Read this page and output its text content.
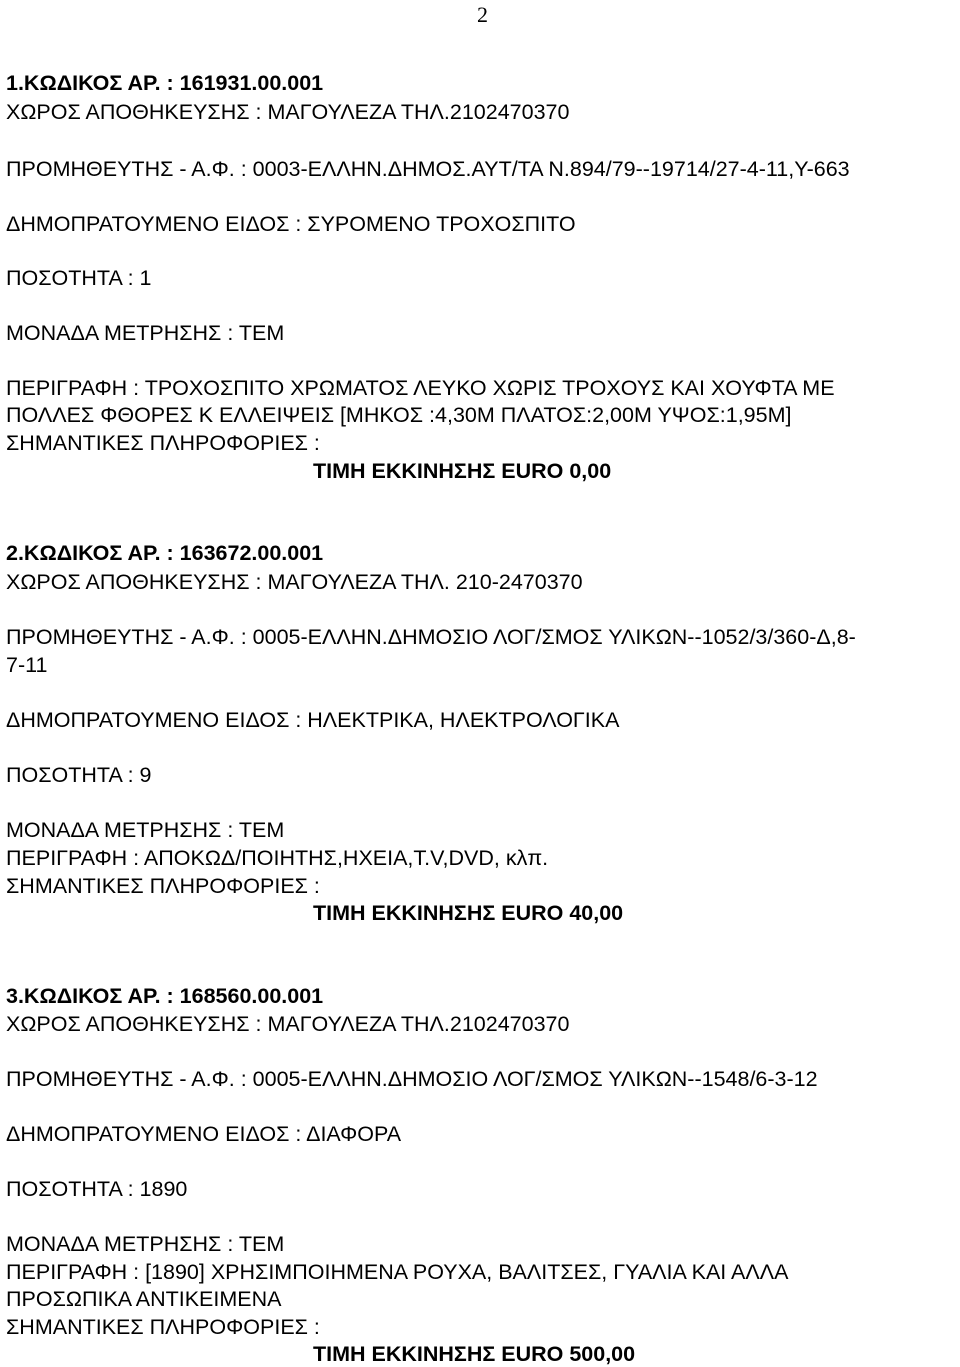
2
1.ΚΩΔΙΚΟΣ ΑΡ. : 161931.00.001
ΧΩΡΟΣ ΑΠΟΘΗΚΕΥΣΗΣ : ΜΑΓΟΥΛΕΖΑ ΤΗΛ.2102470370
ΠΡΟΜΗΘΕΥΤΗΣ - Α.Φ. : 0003-ΕΛΛΗΝ.ΔΗΜΟΣ.ΑΥΤ/ΤΑ Ν.894/79--19714/27-4-11,Υ-663
ΔΗΜΟΠΡΑΤΟΥΜΕΝΟ ΕΙΔΟΣ : ΣΥΡΟΜΕΝΟ ΤΡΟΧΟΣΠΙΤΟ
ΠΟΣΟΤΗΤΑ : 1
ΜΟΝΑΔΑ ΜΕΤΡΗΣΗΣ : ΤΕΜ
ΠΕΡΙΓΡΑΦΗ : ΤΡΟΧΟΣΠΙΤΟ ΧΡΩΜΑΤΟΣ ΛΕΥΚΟ ΧΩΡΙΣ ΤΡΟΧΟΥΣ ΚΑΙ ΧΟΥΦΤΑ ΜΕ
ΠΟΛΛΕΣ ΦΘΟΡΕΣ Κ ΕΛΛΕΙΨΕΙΣ [ΜΗΚΟΣ :4,30Μ ΠΛΑΤΟΣ:2,00Μ ΥΨΟΣ:1,95Μ]
ΣΗΜΑΝΤΙΚΕΣ ΠΛΗΡΟΦΟΡΙΕΣ :
ΤΙΜΗ ΕΚΚΙΝΗΣΗΣ EURO 0,00
2.ΚΩΔΙΚΟΣ ΑΡ. : 163672.00.001
ΧΩΡΟΣ ΑΠΟΘΗΚΕΥΣΗΣ : ΜΑΓΟΥΛΕΖΑ ΤΗΛ. 210-2470370
ΠΡΟΜΗΘΕΥΤΗΣ - Α.Φ. : 0005-ΕΛΛΗΝ.ΔΗΜΟΣΙΟ ΛΟΓ/ΣΜΟΣ ΥΛΙΚΩΝ--1052/3/360-Δ,8-
7-11
ΔΗΜΟΠΡΑΤΟΥΜΕΝΟ ΕΙΔΟΣ : ΗΛΕΚΤΡΙΚΑ, ΗΛΕΚΤΡΟΛΟΓΙΚΑ
ΠΟΣΟΤΗΤΑ : 9
ΜΟΝΑΔΑ ΜΕΤΡΗΣΗΣ : ΤΕΜ
ΠΕΡΙΓΡΑΦΗ : ΑΠΟΚΩΔ/ΠΟΙΗΤΗΣ,ΗΧΕΙΑ,Τ.V,DVD, κλπ.
ΣΗΜΑΝΤΙΚΕΣ ΠΛΗΡΟΦΟΡΙΕΣ :
ΤΙΜΗ ΕΚΚΙΝΗΣΗΣ EURO 40,00
3.ΚΩΔΙΚΟΣ ΑΡ. : 168560.00.001
ΧΩΡΟΣ ΑΠΟΘΗΚΕΥΣΗΣ : ΜΑΓΟΥΛΕΖΑ ΤΗΛ.2102470370
ΠΡΟΜΗΘΕΥΤΗΣ - Α.Φ. : 0005-ΕΛΛΗΝ.ΔΗΜΟΣΙΟ ΛΟΓ/ΣΜΟΣ ΥΛΙΚΩΝ--1548/6-3-12
ΔΗΜΟΠΡΑΤΟΥΜΕΝΟ ΕΙΔΟΣ : ΔΙΑΦΟΡΑ
ΠΟΣΟΤΗΤΑ : 1890
ΜΟΝΑΔΑ ΜΕΤΡΗΣΗΣ : ΤΕΜ
ΠΕΡΙΓΡΑΦΗ : [1890] ΧΡΗΣΙΜΠΟΙΗΜΕΝΑ ΡΟΥΧΑ, ΒΑΛΙΤΣΕΣ, ΓΥΑΛΙΑ ΚΑΙ ΑΛΛΑ
ΠΡΟΣΩΠΙΚΑ ΑΝΤΙΚΕΙΜΕΝΑ
ΣΗΜΑΝΤΙΚΕΣ ΠΛΗΡΟΦΟΡΙΕΣ :
ΤΙΜΗ ΕΚΚΙΝΗΣΗΣ EURO 500,00
